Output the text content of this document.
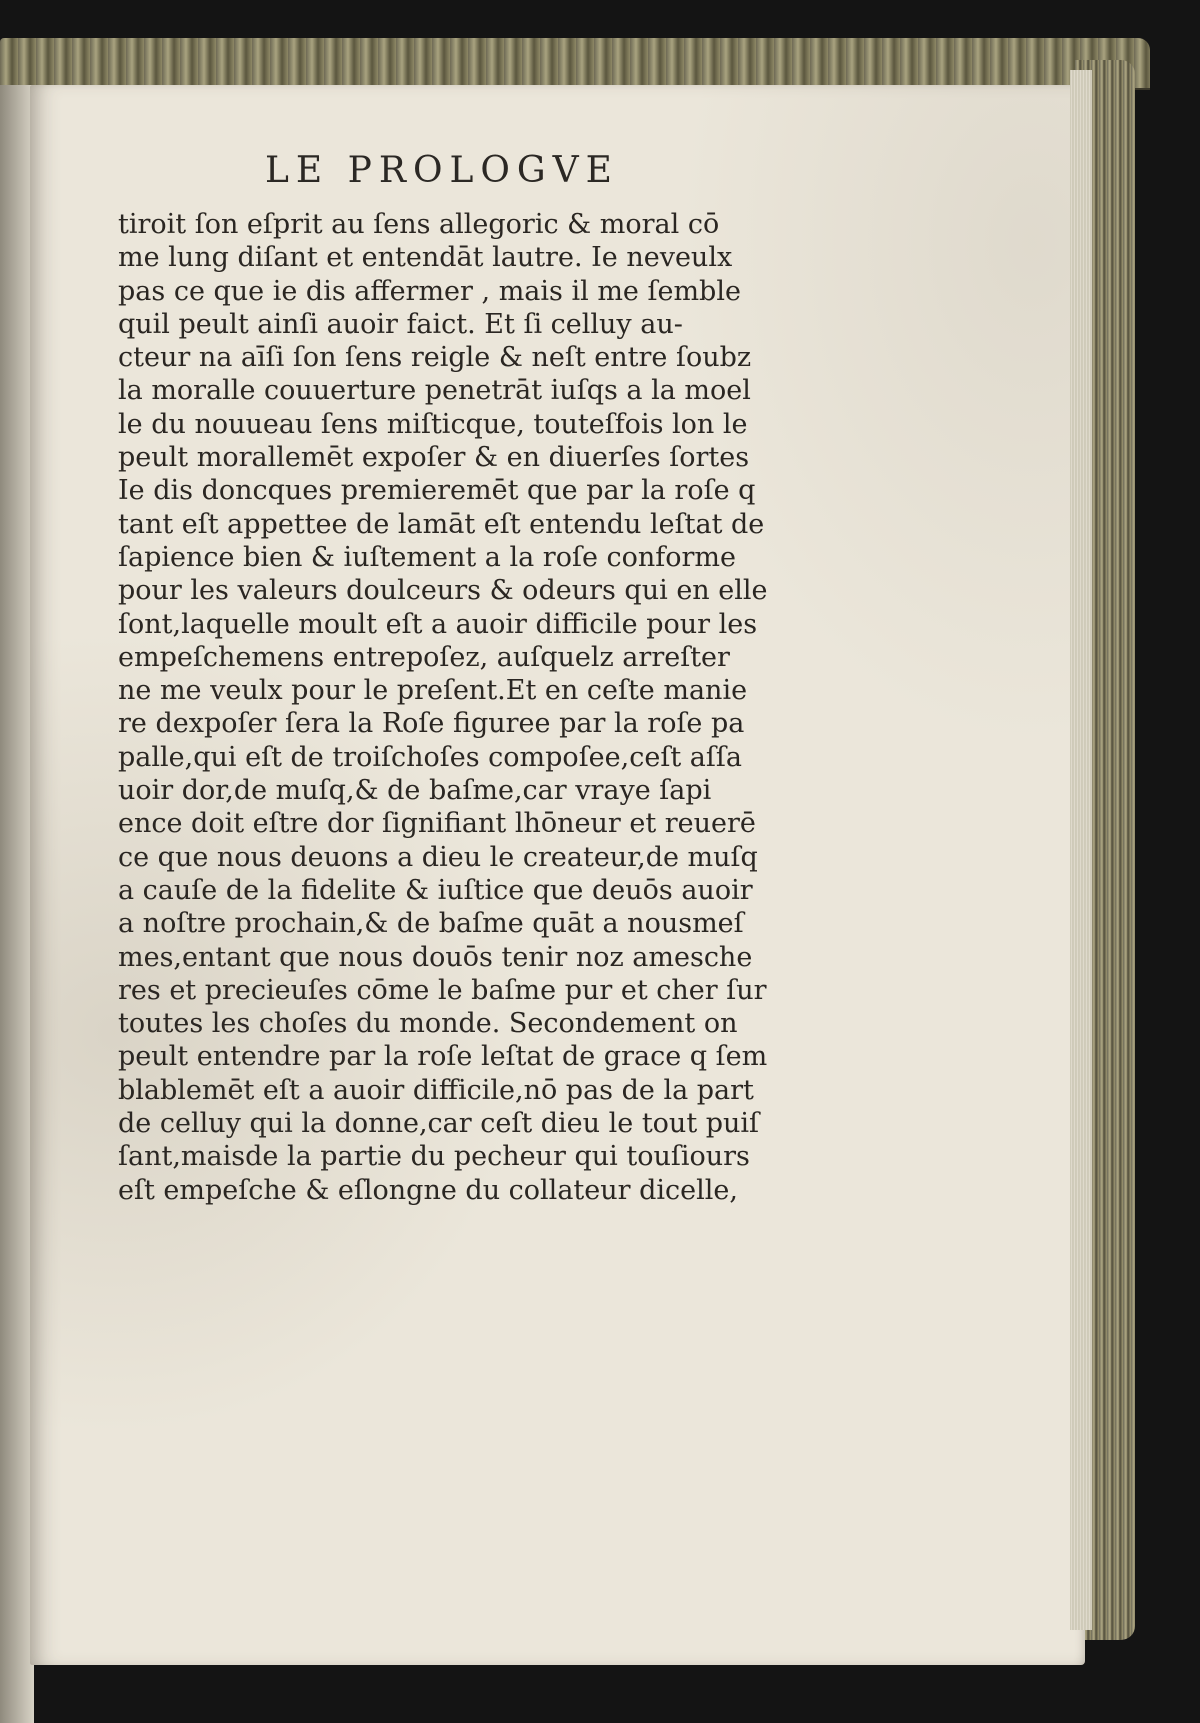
LE PROLOGVE
tiroit ſon eſprit au ſens allegoric & moral cō
me lung diſant et entendāt lautre. Ie neveulx
pas ce que ie dis affermer , mais il me ſemble
quil peult ainſi auoir faict. Et ſi celluy au-
cteur na aīſi ſon ſens reigle & neſt entre ſoubz
la moralle couuerture penetrāt iuſqs a la moel
le du nouueau ſens miſticque, touteſfois lon le
peult morallemēt expoſer & en diuerſes ſortes
Ie dis doncques premieremēt que par la roſe q
tant eſt appettee de lamāt eſt entendu leſtat de
ſapience bien & iuſtement a la roſe conforme
pour les valeurs doulceurs & odeurs qui en elle
ſont,laquelle moult eſt a auoir difficile pour les
empeſchemens entrepoſez, auſquelz arreſter
ne me veulx pour le preſent.Et en ceſte manie
re dexpoſer ſera la Roſe figuree par la roſe pa
palle,qui eſt de troiſchoſes compoſee,ceſt aſſa
uoir dor,de muſq,& de baſme,car vraye ſapi
ence doit eſtre dor ſignifiant lhōneur et reuerē
ce que nous deuons a dieu le createur,de muſq
a cauſe de la fidelite & iuſtice que deuōs auoir
a noſtre prochain,& de baſme quāt a nousmeſ
mes,entant que nous douōs tenir noz amesche
res et precieuſes cōme le baſme pur et cher ſur
toutes les choſes du monde. Secondement on
peult entendre par la roſe leſtat de grace q ſem
blablemēt eſt a auoir difficile,nō pas de la part
de celluy qui la donne,car ceſt dieu le tout puiſ
ſant,maisde la partie du pecheur qui touſiours
eſt empeſche & eſlongne du collateur dicelle,
